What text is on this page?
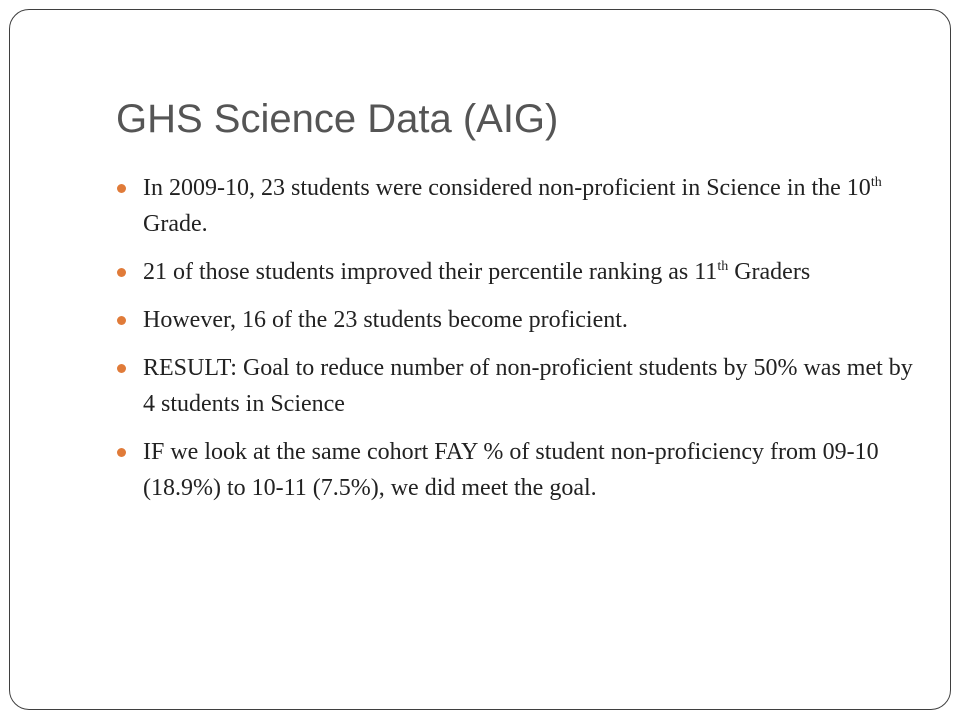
GHS Science Data (AIG)
In 2009-10, 23 students were considered non-proficient in Science in the 10th Grade.
21 of those students improved their percentile ranking as 11th Graders
However, 16 of the 23 students become proficient.
RESULT: Goal to reduce number of non-proficient students by 50% was met by 4 students in Science
IF we look at the same cohort FAY % of student non-proficiency from 09-10 (18.9%) to 10-11 (7.5%), we did meet the goal.
